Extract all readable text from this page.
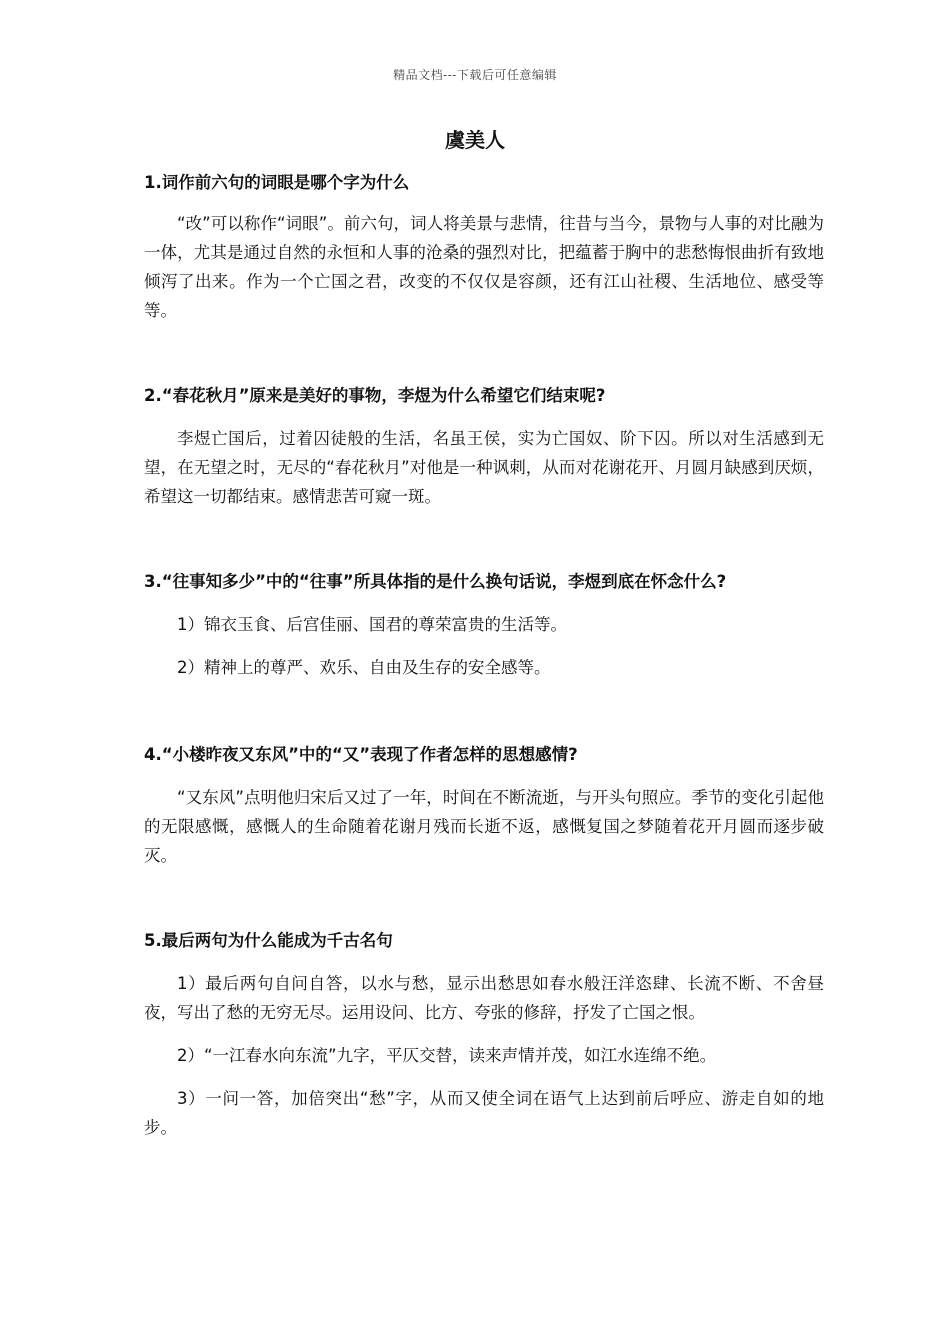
精品文档---下载后可任意编辑
虞美人
1.词作前六句的词眼是哪个字为什么

“改”可以称作“词眼”。前六句，词人将美景与悲情，往昔与当今，景物与人事的对比融为一体，尤其是通过自然的永恒和人事的沧桑的强烈对比，把蕴蓄于胸中的悲愁悔恨曲折有致地倾泻了出来。作为一个亡国之君，改变的不仅仅是容颜，还有江山社稷、生活地位、感受等等。

2.“春花秋月”原来是美好的事物，李煜为什么希望它们结束呢?

李煜亡国后，过着囚徒般的生活，名虽王侯，实为亡国奴、阶下囚。所以对生活感到无望，在无望之时，无尽的“春花秋月”对他是一种讽刺，从而对花谢花开、月圆月缺感到厌烦，希望这一切都结束。感情悲苦可窥一斑。

3.“往事知多少”中的“往事”所具体指的是什么换句话说，李煜到底在怀念什么?

1）锦衣玉食、后宫佳丽、国君的尊荣富贵的生活等。

2）精神上的尊严、欢乐、自由及生存的安全感等。

4.“小楼昨夜又东风”中的“又”表现了作者怎样的思想感情?

“又东风”点明他归宋后又过了一年，时间在不断流逝，与开头句照应。季节的变化引起他的无限感慨，感慨人的生命随着花谢月残而长逝不返，感慨复国之梦随着花开月圆而逐步破灭。

5.最后两句为什么能成为千古名句

1）最后两句自问自答，以水与愁，显示出愁思如春水般汪洋恣肆、长流不断、不舍昼夜，写出了愁的无穷无尽。运用设问、比方、夸张的修辞，抒发了亡国之恨。

2）“一江春水向东流”九字，平仄交替，读来声情并茂，如江水连绵不绝。

3）一问一答，加倍突出“愁”字，从而又使全词在语气上达到前后呼应、游走自如的地步。
